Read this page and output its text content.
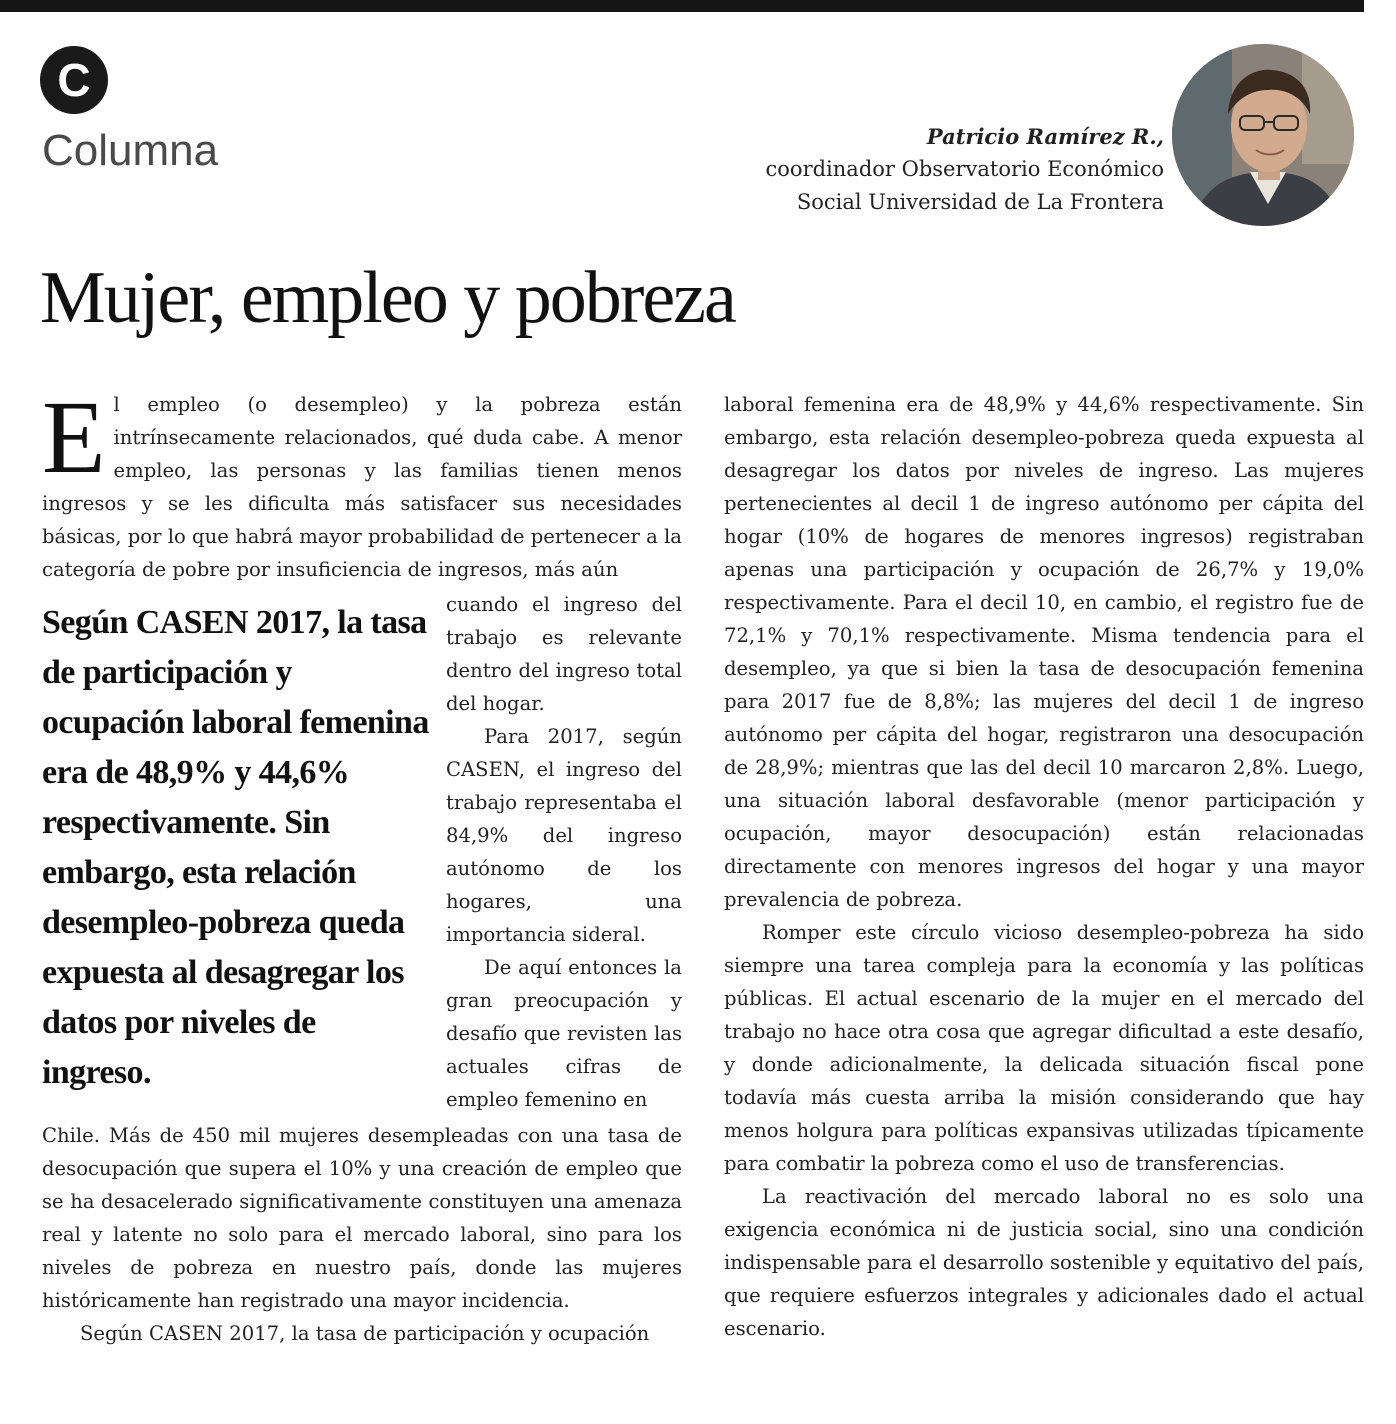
C
Columna	Patricio Ramírez R.,
coordinador Observatorio Económico
Social Universidad de La Frontera
Mujer, empleo y pobreza

El empleo (o desempleo) y la pobreza están intrínsecamente relacionados, qué duda cabe. A menor empleo, las personas y las familias tienen menos ingresos y se les dificulta más satisfacer sus necesidades básicas, por lo que habrá mayor probabilidad de pertenecer a la categoría de pobre por insuficiencia de ingresos, más aún

Según CASEN 2017, la tasa de participación y ocupación laboral femenina era de 48,9% y 44,6% respectivamente. Sin embargo, esta relación desempleo-pobreza queda expuesta al desagregar los datos por niveles de ingreso.

cuando el ingreso del trabajo es relevante dentro del ingreso total del hogar.

Para 2017, según CASEN, el ingreso del trabajo representaba el 84,9% del ingreso autónomo de los hogares, una importancia sideral.

De aquí entonces la gran preocupación y desafío que revisten las actuales cifras de empleo femenino en

Chile. Más de 450 mil mujeres desempleadas con una tasa de desocupación que supera el 10% y una creación de empleo que se ha desacelerado significativamente constituyen una amenaza real y latente no solo para el mercado laboral, sino para los niveles de pobreza en nuestro país, donde las mujeres históricamente han registrado una mayor incidencia.

Según CASEN 2017, la tasa de participación y ocupación

laboral femenina era de 48,9% y 44,6% respectivamente. Sin embargo, esta relación desempleo-pobreza queda expuesta al desagregar los datos por niveles de ingreso. Las mujeres pertenecientes al decil 1 de ingreso autónomo per cápita del hogar (10% de hogares de menores ingresos) registraban apenas una participación y ocupación de 26,7% y 19,0% respectivamente. Para el decil 10, en cambio, el registro fue de 72,1% y 70,1% respectivamente. Misma tendencia para el desempleo, ya que si bien la tasa de desocupación femenina para 2017 fue de 8,8%; las mujeres del decil 1 de ingreso autónomo per cápita del hogar, registraron una desocupación de 28,9%; mientras que las del decil 10 marcaron 2,8%. Luego, una situación laboral desfavorable (menor participación y ocupación, mayor desocupación) están relacionadas directamente con menores ingresos del hogar y una mayor prevalencia de pobreza.

Romper este círculo vicioso desempleo-pobreza ha sido siempre una tarea compleja para la economía y las políticas públicas. El actual escenario de la mujer en el mercado del trabajo no hace otra cosa que agregar dificultad a este desafío, y donde adicionalmente, la delicada situación fiscal pone todavía más cuesta arriba la misión considerando que hay menos holgura para políticas expansivas utilizadas típicamente para combatir la pobreza como el uso de transferencias.

La reactivación del mercado laboral no es solo una exigencia económica ni de justicia social, sino una condición indispensable para el desarrollo sostenible y equitativo del país, que requiere esfuerzos integrales y adicionales dado el actual escenario.
